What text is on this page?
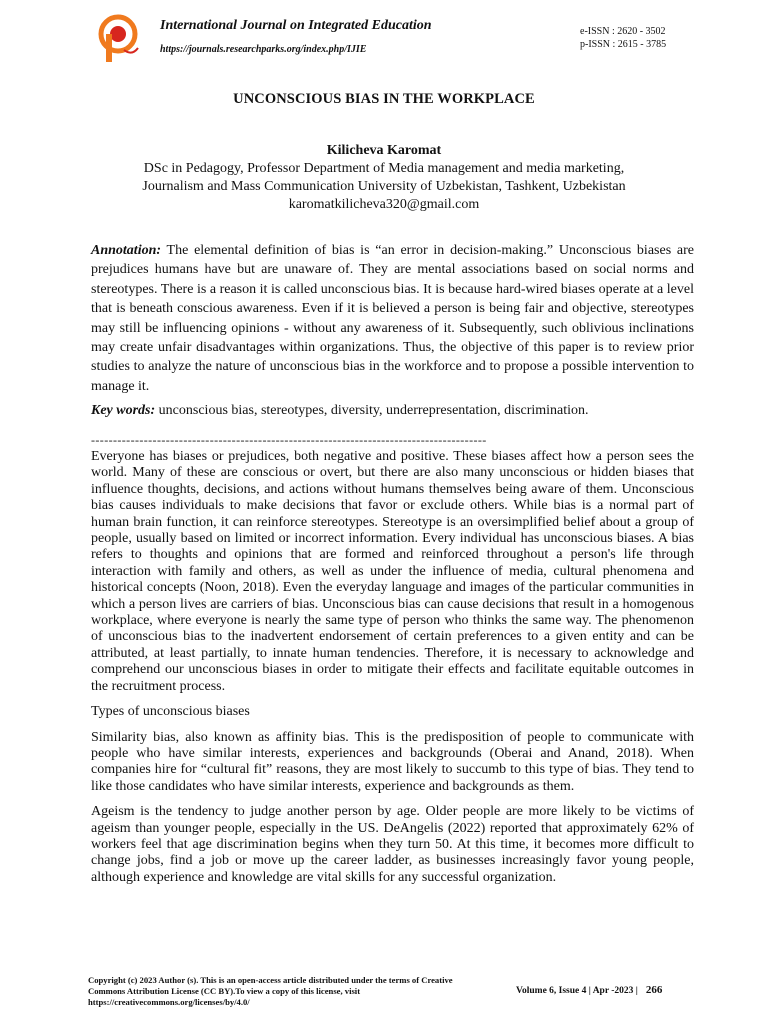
International Journal on Integrated Education
https://journals.researchparks.org/index.php/IJIE
e-ISSN : 2620 - 3502
p-ISSN : 2615 - 3785
UNCONSCIOUS BIAS IN THE WORKPLACE
Kilicheva Karomat
DSc in Pedagogy, Professor Department of Media management and media marketing,
Journalism and Mass Communication University of Uzbekistan, Tashkent, Uzbekistan
karomatkilicheva320@gmail.com
Annotation: The elemental definition of bias is “an error in decision-making.” Unconscious biases are prejudices humans have but are unaware of. They are mental associations based on social norms and stereotypes. There is a reason it is called unconscious bias. It is because hard-wired biases operate at a level that is beneath conscious awareness. Even if it is believed a person is being fair and objective, stereotypes may still be influencing opinions - without any awareness of it. Subsequently, such oblivious inclinations may create unfair disadvantages within organizations. Thus, the objective of this paper is to review prior studies to analyze the nature of unconscious bias in the workforce and to propose a possible intervention to manage it.
Key words: unconscious bias, stereotypes, diversity, underrepresentation, discrimination.
------------------------------------------------------------------------------------------

Everyone has biases or prejudices, both negative and positive. These biases affect how a person sees the world. Many of these are conscious or overt, but there are also many unconscious or hidden biases that influence thoughts, decisions, and actions without humans themselves being aware of them. Unconscious bias causes individuals to make decisions that favor or exclude others. While bias is a normal part of human brain function, it can reinforce stereotypes. Stereotype is an oversimplified belief about a group of people, usually based on limited or incorrect information. Every individual has unconscious biases. A bias refers to thoughts and opinions that are formed and reinforced throughout a person's life through interaction with family and others, as well as under the influence of media, cultural phenomena and historical concepts (Noon, 2018). Even the everyday language and images of the particular communities in which a person lives are carriers of bias. Unconscious bias can cause decisions that result in a homogenous workplace, where everyone is nearly the same type of person who thinks the same way. The phenomenon of unconscious bias to the inadvertent endorsement of certain preferences to a given entity and can be attributed, at least partially, to innate human tendencies. Therefore, it is necessary to acknowledge and comprehend our unconscious biases in order to mitigate their effects and facilitate equitable outcomes in the recruitment process.

Types of unconscious biases

Similarity bias, also known as affinity bias. This is the predisposition of people to communicate with people who have similar interests, experiences and backgrounds (Oberai and Anand, 2018). When companies hire for “cultural fit” reasons, they are most likely to succumb to this type of bias. They tend to like those candidates who have similar interests, experience and backgrounds as them.

Ageism is the tendency to judge another person by age. Older people are more likely to be victims of ageism than younger people, especially in the US. DeAngelis (2022) reported that approximately 62% of workers feel that age discrimination begins when they turn 50. At this time, it becomes more difficult to change jobs, find a job or move up the career ladder, as businesses increasingly favor young people, although experience and knowledge are vital skills for any successful organization.

Copyright (c) 2023 Author (s). This is an open-access article distributed under the terms of Creative Commons Attribution License (CC BY).To view a copy of this license, visit https://creativecommons.org/licenses/by/4.0/
Volume 6, Issue 4 | Apr -2023 | 266
